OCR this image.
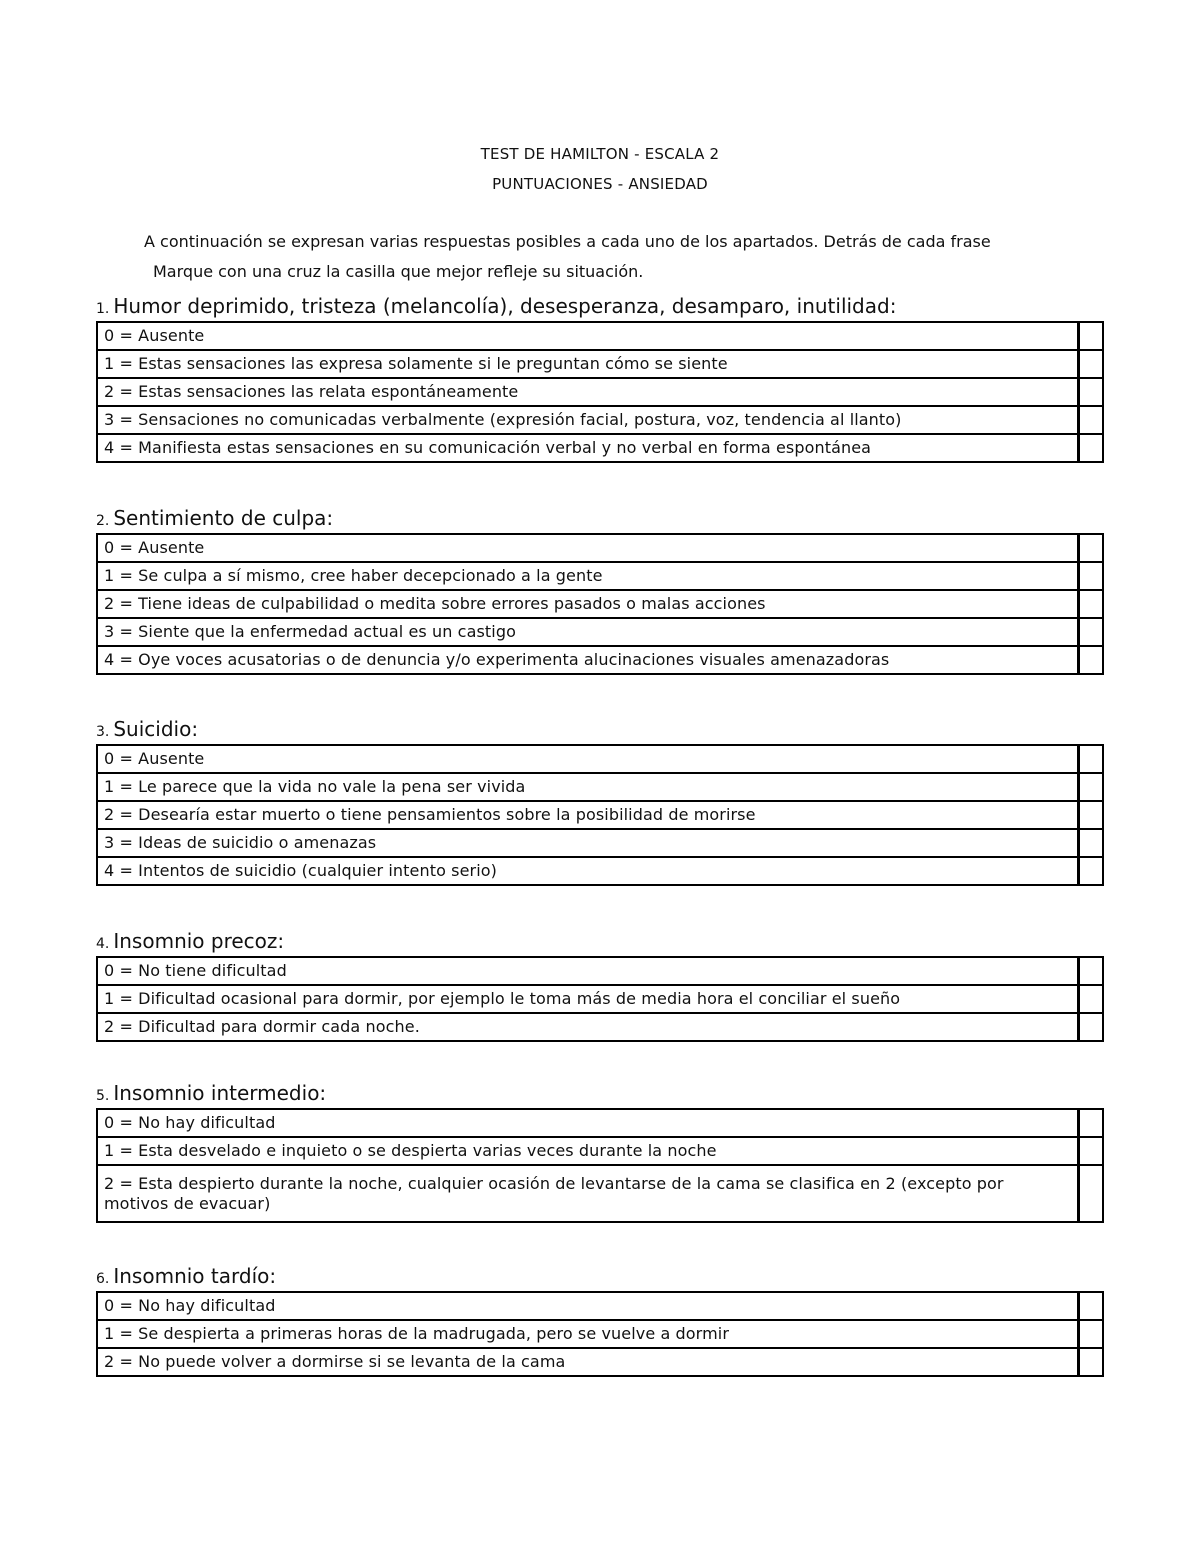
TEST DE HAMILTON - ESCALA 2
PUNTUACIONES - ANSIEDAD
A continuación se expresan varias respuestas posibles a cada uno de los apartados. Detrás de cada frase
Marque con una cruz la casilla que mejor refleje su situación.
1. Humor deprimido, tristeza (melancolía), desesperanza, desamparo, inutilidad:
0 = Ausente	
1 = Estas sensaciones las expresa solamente si le preguntan cómo se siente	
2 = Estas sensaciones las relata espontáneamente	
3 = Sensaciones no comunicadas verbalmente (expresión facial, postura, voz, tendencia al llanto)	
4 = Manifiesta estas sensaciones en su comunicación verbal y no verbal en forma espontánea	
2. Sentimiento de culpa:
0 = Ausente	
1 = Se culpa a sí mismo, cree haber decepcionado a la gente	
2 = Tiene ideas de culpabilidad o medita sobre errores pasados o malas acciones	
3 = Siente que la enfermedad actual es un castigo	
4 = Oye voces acusatorias o de denuncia y/o experimenta alucinaciones visuales amenazadoras	
3. Suicidio:
0 = Ausente	
1 = Le parece que la vida no vale la pena ser vivida	
2 = Desearía estar muerto o tiene pensamientos sobre la posibilidad de morirse	
3 = Ideas de suicidio o amenazas	
4 = Intentos de suicidio (cualquier intento serio)	
4. Insomnio precoz:
0 = No tiene dificultad	
1 = Dificultad ocasional para dormir, por ejemplo le toma más de media hora el conciliar el sueño	
2 = Dificultad para dormir cada noche.	
5. Insomnio intermedio:
0 = No hay dificultad	
1 = Esta desvelado e inquieto o se despierta varias veces durante la noche	
2 = Esta despierto durante la noche, cualquier ocasión de levantarse de la cama se clasifica en 2 (excepto por motivos de evacuar)	
6. Insomnio tardío:
0 = No hay dificultad	
1 = Se despierta a primeras horas de la madrugada, pero se vuelve a dormir	
2 = No puede volver a dormirse si se levanta de la cama	
